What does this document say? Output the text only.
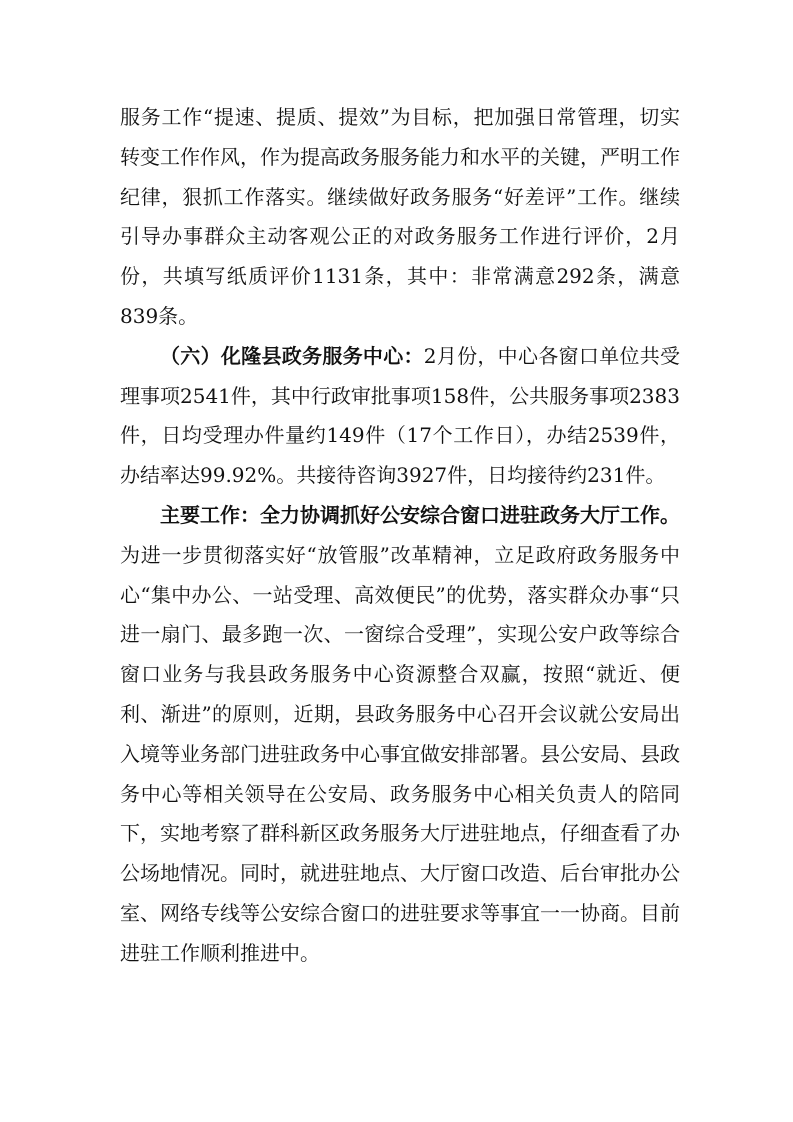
服务工作“提速、提质、提效”为目标，把加强日常管理，切实转变工作作风，作为提高政务服务能力和水平的关键，严明工作纪律，狠抓工作落实。继续做好政务服务“好差评”工作。继续引导办事群众主动客观公正的对政务服务工作进行评价，2月份，共填写纸质评价1131条，其中：非常满意292条，满意839条。

（六）化隆县政务服务中心：2月份，中心各窗口单位共受理事项2541件，其中行政审批事项158件，公共服务事项2383件，日均受理办件量约149件（17个工作日），办结2539件，办结率达99.92%。共接待咨询3927件，日均接待约231件。

主要工作：全力协调抓好公安综合窗口进驻政务大厅工作。为进一步贯彻落实好“放管服”改革精神，立足政府政务服务中心“集中办公、一站受理、高效便民”的优势，落实群众办事“只进一扇门、最多跑一次、一窗综合受理”，实现公安户政等综合窗口业务与我县政务服务中心资源整合双赢，按照“就近、便利、渐进”的原则，近期，县政务服务中心召开会议就公安局出入境等业务部门进驻政务中心事宜做安排部署。县公安局、县政务中心等相关领导在公安局、政务服务中心相关负责人的陪同下，实地考察了群科新区政务服务大厅进驻地点，仔细查看了办公场地情况。同时，就进驻地点、大厅窗口改造、后台审批办公室、网络专线等公安综合窗口的进驻要求等事宜一一协商。目前进驻工作顺利推进中。
